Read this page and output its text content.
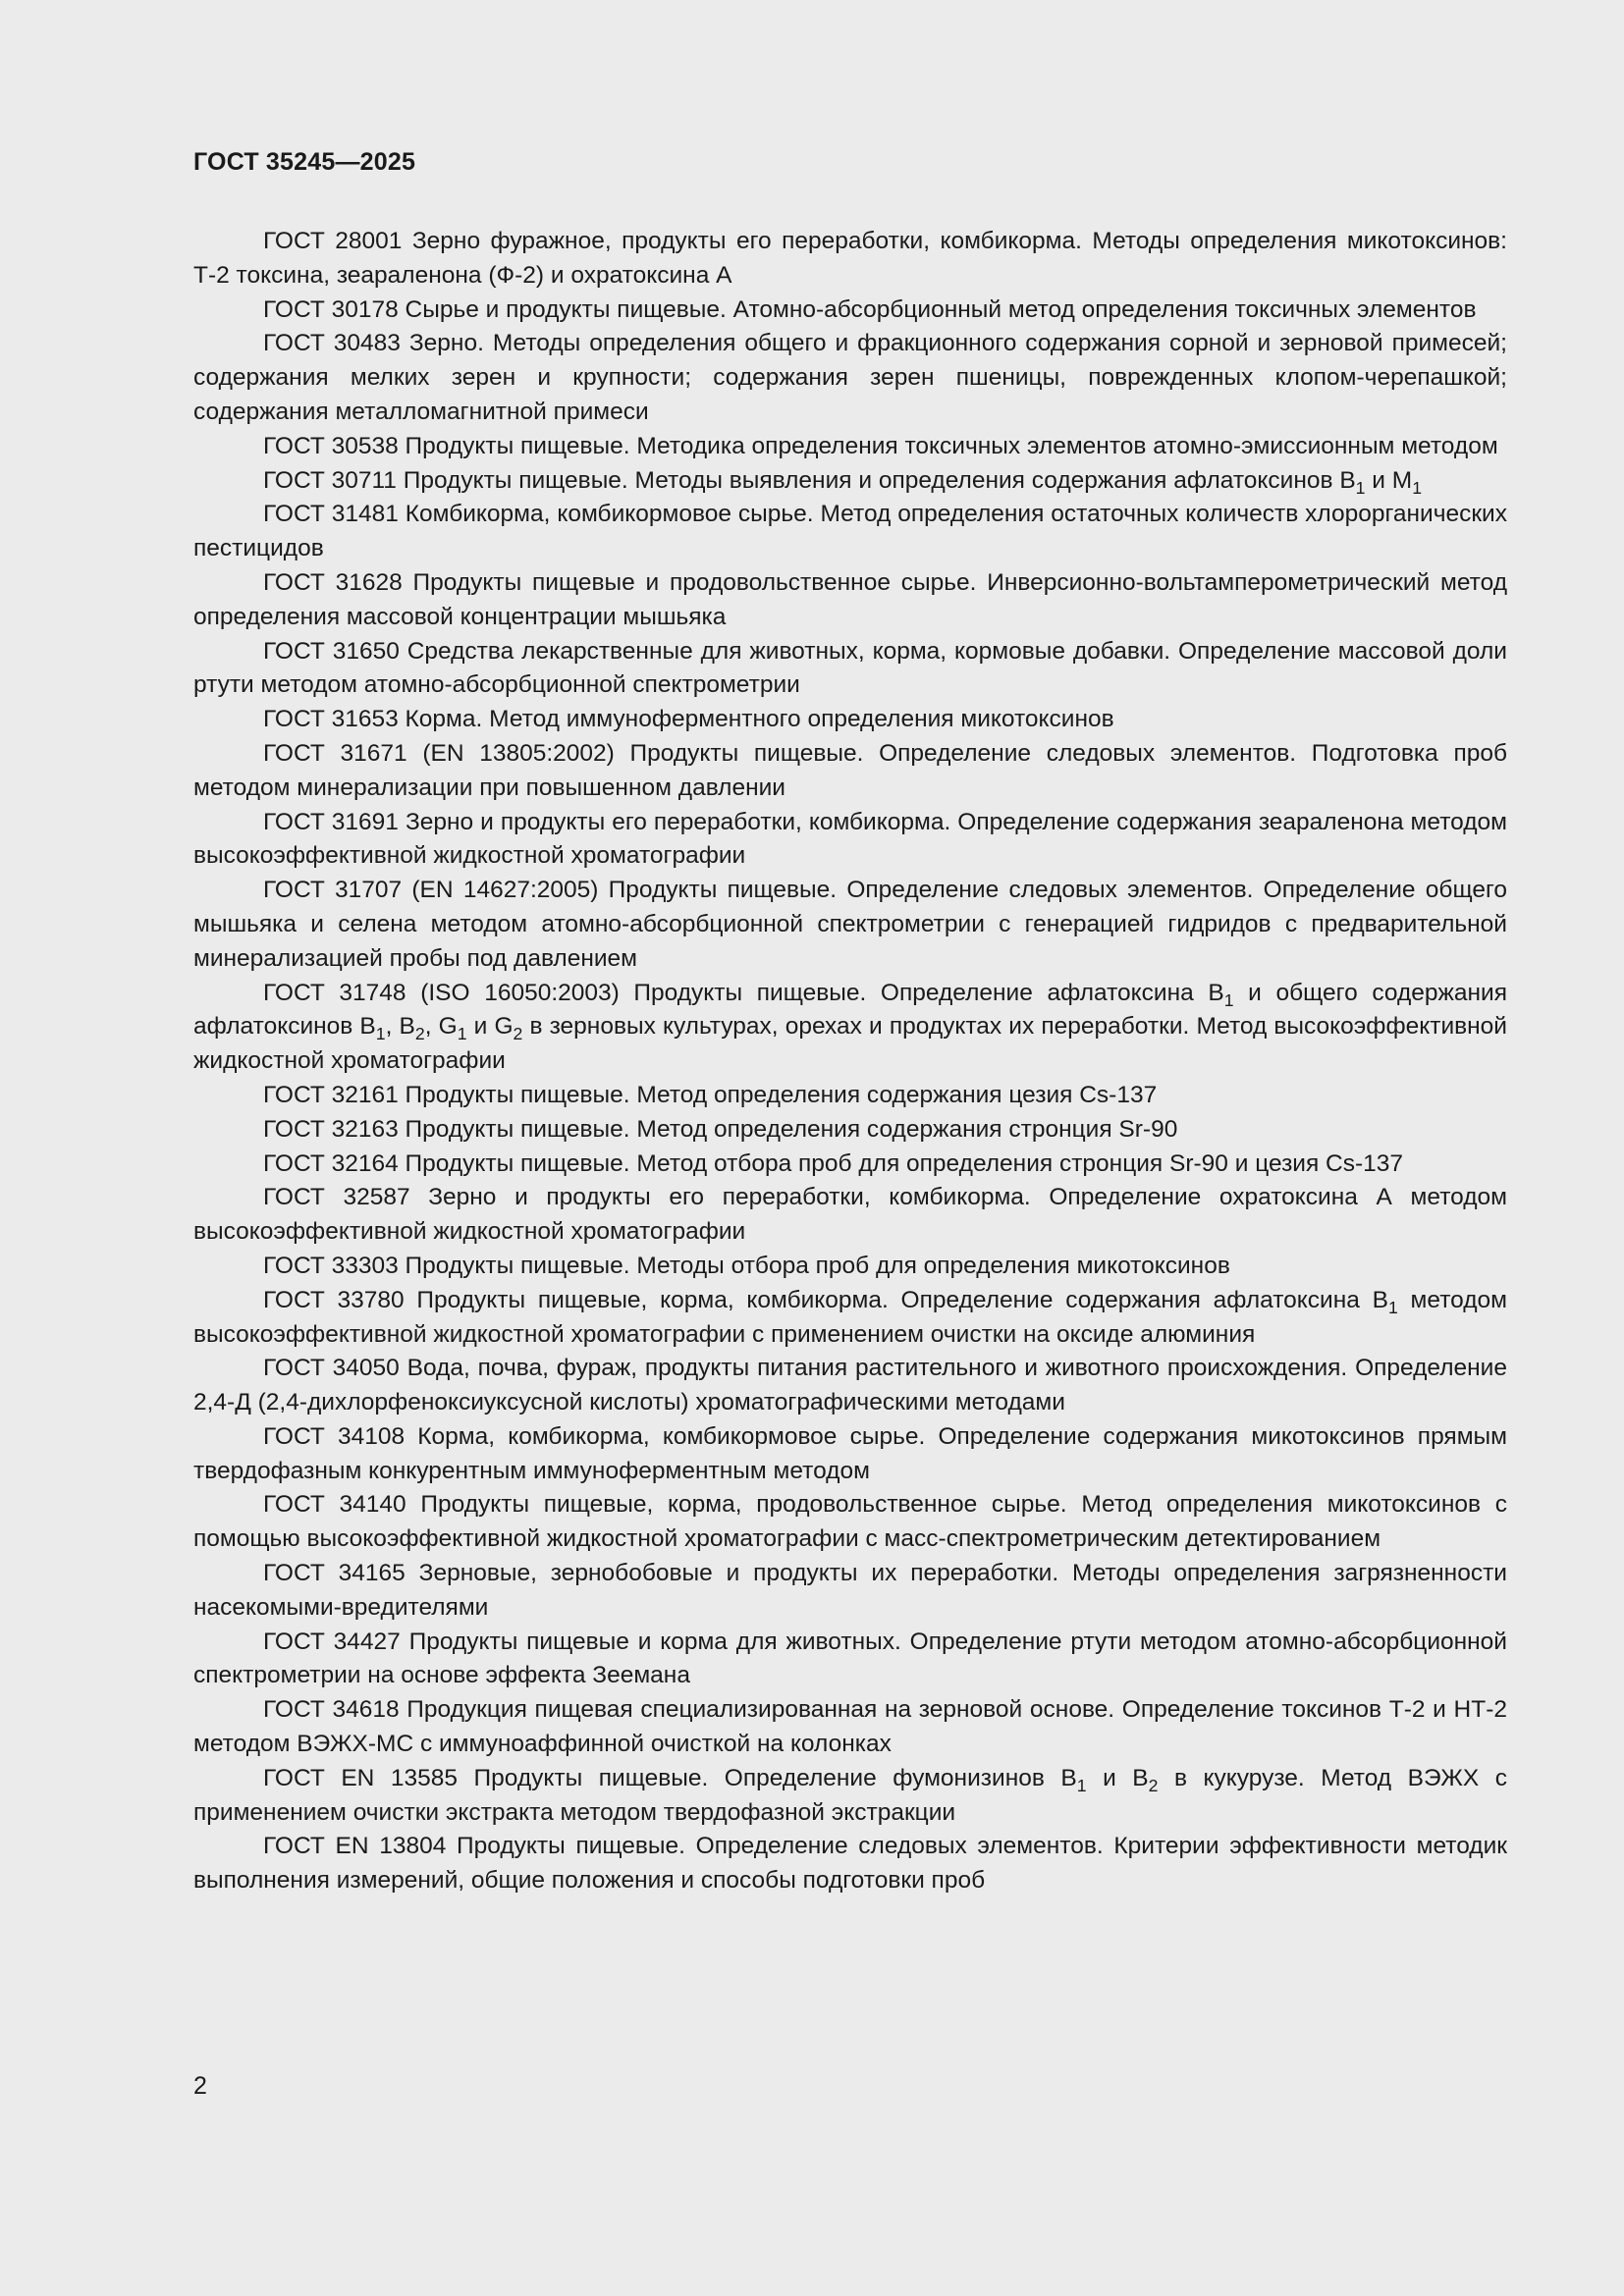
ГОСТ 35245—2025

ГОСТ 28001 Зерно фуражное, продукты его переработки, комбикорма. Методы определения микотоксинов: Т-2 токсина, зеараленона (Ф-2) и охратоксина А

ГОСТ 30178 Сырье и продукты пищевые. Атомно-абсорбционный метод определения токсичных элементов

ГОСТ 30483 Зерно. Методы определения общего и фракционного содержания сорной и зерновой примесей; содержания мелких зерен и крупности; содержания зерен пшеницы, поврежденных клопом-черепашкой; содержания металломагнитной примеси

ГОСТ 30538 Продукты пищевые. Методика определения токсичных элементов атомно-эмиссионным методом

ГОСТ 30711 Продукты пищевые. Методы выявления и определения содержания афлатоксинов $B_1$ и $M_1$

ГОСТ 31481 Комбикорма, комбикормовое сырье. Метод определения остаточных количеств хлорорганических пестицидов

ГОСТ 31628 Продукты пищевые и продовольственное сырье. Инверсионно-вольтамперометрический метод определения массовой концентрации мышьяка

ГОСТ 31650 Средства лекарственные для животных, корма, кормовые добавки. Определение массовой доли ртути методом атомно-абсорбционной спектрометрии

ГОСТ 31653 Корма. Метод иммуноферментного определения микотоксинов

ГОСТ 31671 (EN 13805:2002) Продукты пищевые. Определение следовых элементов. Подготовка проб методом минерализации при повышенном давлении

ГОСТ 31691 Зерно и продукты его переработки, комбикорма. Определение содержания зеараленона методом высокоэффективной жидкостной хроматографии

ГОСТ 31707 (EN 14627:2005) Продукты пищевые. Определение следовых элементов. Определение общего мышьяка и селена методом атомно-абсорбционной спектрометрии с генерацией гидридов с предварительной минерализацией пробы под давлением

ГОСТ 31748 (ISO 16050:2003) Продукты пищевые. Определение афлатоксина $B_1$ и общего содержания афлатоксинов $B_1$, $B_2$, $G_1$ и $G_2$ в зерновых культурах, орехах и продуктах их переработки. Метод высокоэффективной жидкостной хроматографии

ГОСТ 32161 Продукты пищевые. Метод определения содержания цезия Cs-137

ГОСТ 32163 Продукты пищевые. Метод определения содержания стронция Sr-90

ГОСТ 32164 Продукты пищевые. Метод отбора проб для определения стронция Sr-90 и цезия Cs-137

ГОСТ 32587 Зерно и продукты его переработки, комбикорма. Определение охратоксина А методом высокоэффективной жидкостной хроматографии

ГОСТ 33303 Продукты пищевые. Методы отбора проб для определения микотоксинов

ГОСТ 33780 Продукты пищевые, корма, комбикорма. Определение содержания афлатоксина $B_1$ методом высокоэффективной жидкостной хроматографии с применением очистки на оксиде алюминия

ГОСТ 34050 Вода, почва, фураж, продукты питания растительного и животного происхождения. Определение 2,4-Д (2,4-дихлорфеноксиуксусной кислоты) хроматографическими методами

ГОСТ 34108 Корма, комбикорма, комбикормовое сырье. Определение содержания микотоксинов прямым твердофазным конкурентным иммуноферментным методом

ГОСТ 34140 Продукты пищевые, корма, продовольственное сырье. Метод определения микотоксинов с помощью высокоэффективной жидкостной хроматографии с масс-спектрометрическим детектированием

ГОСТ 34165 Зерновые, зернобобовые и продукты их переработки. Методы определения загрязненности насекомыми-вредителями

ГОСТ 34427 Продукты пищевые и корма для животных. Определение ртути методом атомно-абсорбционной спектрометрии на основе эффекта Зеемана

ГОСТ 34618 Продукция пищевая специализированная на зерновой основе. Определение токсинов Т-2 и НТ-2 методом ВЭЖХ-МС с иммуноаффинной очисткой на колонках

ГОСТ EN 13585 Продукты пищевые. Определение фумонизинов $B_1$ и $B_2$ в кукурузе. Метод ВЭЖХ с применением очистки экстракта методом твердофазной экстракции

ГОСТ EN 13804 Продукты пищевые. Определение следовых элементов. Критерии эффективности методик выполнения измерений, общие положения и способы подготовки проб

2
